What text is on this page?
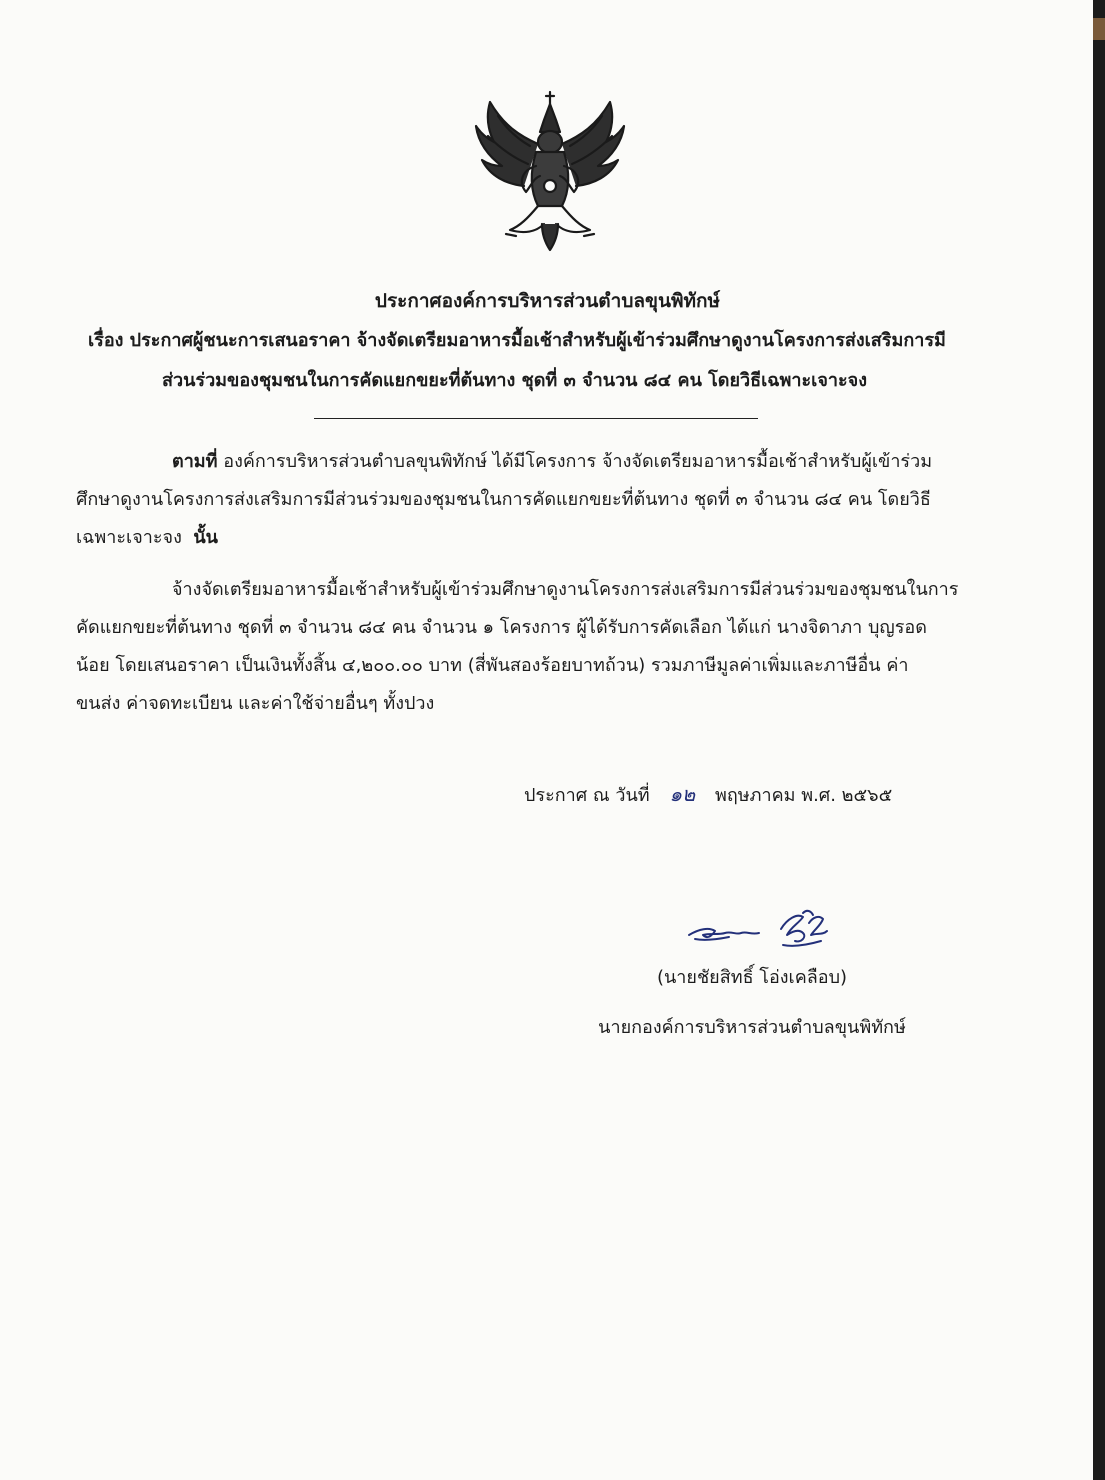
ประกาศองค์การบริหารส่วนตำบลขุนพิทักษ์
เรื่อง ประกาศผู้ชนะการเสนอราคา จ้างจัดเตรียมอาหารมื้อเช้าสำหรับผู้เข้าร่วมศึกษาดูงานโครงการส่งเสริมการมี
ส่วนร่วมของชุมชนในการคัดแยกขยะที่ต้นทาง ชุดที่ ๓ จำนวน ๘๔ คน โดยวิธีเฉพาะเจาะจง
ตามที่ องค์การบริหารส่วนตำบลขุนพิทักษ์ ได้มีโครงการ จ้างจัดเตรียมอาหารมื้อเช้าสำหรับผู้เข้าร่วม
ศึกษาดูงานโครงการส่งเสริมการมีส่วนร่วมของชุมชนในการคัดแยกขยะที่ต้นทาง ชุดที่ ๓ จำนวน ๘๔ คน โดยวิธี
เฉพาะเจาะจง นั้น
จ้างจัดเตรียมอาหารมื้อเช้าสำหรับผู้เข้าร่วมศึกษาดูงานโครงการส่งเสริมการมีส่วนร่วมของชุมชนในการ
คัดแยกขยะที่ต้นทาง ชุดที่ ๓ จำนวน ๘๔ คน จำนวน ๑ โครงการ ผู้ได้รับการคัดเลือก ได้แก่ นางจิดาภา บุญรอด
น้อย โดยเสนอราคา เป็นเงินทั้งสิ้น ๔,๒๐๐.๐๐ บาท (สี่พันสองร้อยบาทถ้วน) รวมภาษีมูลค่าเพิ่มและภาษีอื่น ค่า
ขนส่ง ค่าจดทะเบียน และค่าใช้จ่ายอื่นๆ ทั้งปวง
ประกาศ ณ วันที่ ๑๒ พฤษภาคม พ.ศ. ๒๕๖๕
(นายชัยสิทธิ์ โอ่งเคลือบ)
นายกองค์การบริหารส่วนตำบลขุนพิทักษ์
